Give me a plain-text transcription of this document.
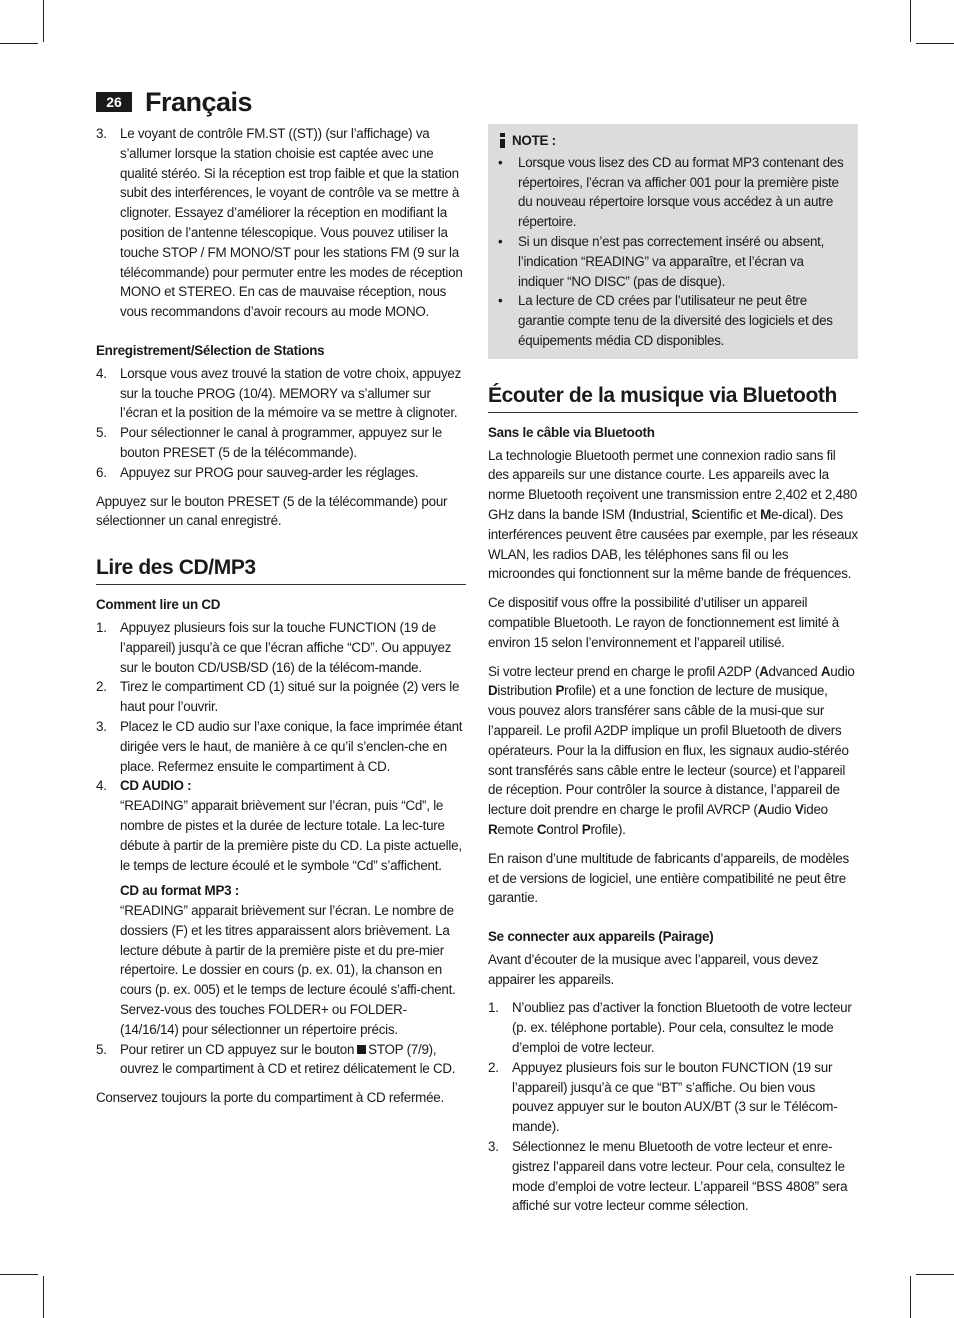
26 Français
3. Le voyant de contrôle FM.ST ((ST)) (sur l’affichage) va s’allumer lorsque la station choisie est captée avec une qualité stéréo. Si la réception est trop faible et que la station subit des interférences, le voyant de contrôle va se mettre à clignoter. Essayez d’améliorer la réception en modifiant la position de l’antenne télescopique. Vous pouvez utiliser la touche STOP / FM MONO/ST pour les stations FM (9 sur la télécommande) pour permuter entre les modes de réception MONO et STEREO. En cas de mauvaise réception, nous vous recommandons d’avoir recours au mode MONO.
Enregistrement/Sélection de Stations
4. Lorsque vous avez trouvé la station de votre choix, appuyez sur la touche PROG (10/4). MEMORY va s’allumer sur l’écran et la position de la mémoire va se mettre à clignoter.
5. Pour sélectionner le canal à programmer, appuyez sur le bouton PRESET (5 de la télécommande).
6. Appuyez sur PROG pour sauveg-arder les réglages.

Appuyez sur le bouton PRESET (5 de la télécommande) pour sélectionner un canal enregistré.

Lire des CD/MP3
Comment lire un CD
1. Appuyez plusieurs fois sur la touche FUNCTION (19 de l’appareil) jusqu’à ce que l’écran affiche “CD”. Ou appuyez sur le bouton CD/USB/SD (16) de la télécom-mande.
2. Tirez le compartiment CD (1) situé sur la poignée (2) vers le haut pour l’ouvrir.
3. Placez le CD audio sur l’axe conique, la face imprimée étant dirigée vers le haut, de manière à ce qu’il s’enclen-che en place. Refermez ensuite le compartiment à CD.
4. CD AUDIO :
“READING” apparait brièvement sur l’écran, puis “Cd”, le nombre de pistes et la durée de lecture totale. La lec-ture débute à partir de la première piste du CD. La piste actuelle, le temps de lecture écoulé et le symbole “Cd” s’affichent.
CD au format MP3 :
“READING” apparait brièvement sur l’écran. Le nombre de dossiers (F) et les titres apparaissent alors brièvement. La lecture débute à partir de la première piste et du pre-mier répertoire. Le dossier en cours (p. ex. 01), la chanson en cours (p. ex. 005) et le temps de lecture écoulé s’affi-chent. Servez-vous des touches FOLDER+ ou FOLDER- (14/16/14) pour sélectionner un répertoire précis.
5. Pour retirer un CD appuyez sur le bouton STOP (7/9), ouvrez le compartiment à CD et retirez délicatement le CD.

Conservez toujours la porte du compartiment à CD refermée.

NOTE :
• Lorsque vous lisez des CD au format MP3 contenant des répertoires, l’écran va afficher 001 pour la première piste du nouveau répertoire lorsque vous accédez à un autre répertoire.
• Si un disque n’est pas correctement inséré ou absent, l’indication “READING” va apparaître, et l’écran va indiquer “NO DISC” (pas de disque).
• La lecture de CD crées par l’utilisateur ne peut être garantie compte tenu de la diversité des logiciels et des équipements média CD disponibles.
Écouter de la musique via Bluetooth
Sans le câble via Bluetooth

La technologie Bluetooth permet une connexion radio sans fil des appareils sur une distance courte. Les appareils avec la norme Bluetooth reçoivent une transmission entre 2,402 et 2,480 GHz dans la bande ISM (Industrial, Scientific et Me-dical). Des interférences peuvent être causées par exemple, par les réseaux WLAN, les radios DAB, les téléphones sans fil ou les microondes qui fonctionnent sur la même bande de fréquences.

Ce dispositif vous offre la possibilité d’utiliser un appareil compatible Bluetooth. Le rayon de fonctionnement est limité à environ 15 selon l’environnement et l’appareil utilisé.

Si votre lecteur prend en charge le profil A2DP (Advanced Audio Distribution Profile) et a une fonction de lecture de musique, vous pouvez alors transférer sans câble de la musi-que sur l’appareil. Le profil A2DP implique un profil Bluetooth de divers opérateurs. Pour la la diffusion en flux, les signaux audio-stéréo sont transférés sans câble entre le lecteur (source) et l’appareil de réception. Pour contrôler la source à distance, l’appareil de lecture doit prendre en charge le profil AVRCP (Audio Video Remote Control Profile).

En raison d’une multitude de fabricants d’appareils, de modèles et de versions de logiciel, une entière compatibilité ne peut être garantie.

Se connecter aux appareils (Pairage)

Avant d’écouter de la musique avec l’appareil, vous devez appairer les appareils.

1. N’oubliez pas d’activer la fonction Bluetooth de votre lecteur (p. ex. téléphone portable). Pour cela, consultez le mode d’emploi de votre lecteur.
2. Appuyez plusieurs fois sur le bouton FUNCTION (19 sur l’appareil) jusqu’à ce que “BT” s’affiche. Ou bien vous pouvez appuyer sur le bouton AUX/BT (3 sur le Télécom-mande).
3. Sélectionnez le menu Bluetooth de votre lecteur et enre-gistrez l’appareil dans votre lecteur. Pour cela, consultez le mode d’emploi de votre lecteur. L’appareil “BSS 4808” sera affiché sur votre lecteur comme sélection.
